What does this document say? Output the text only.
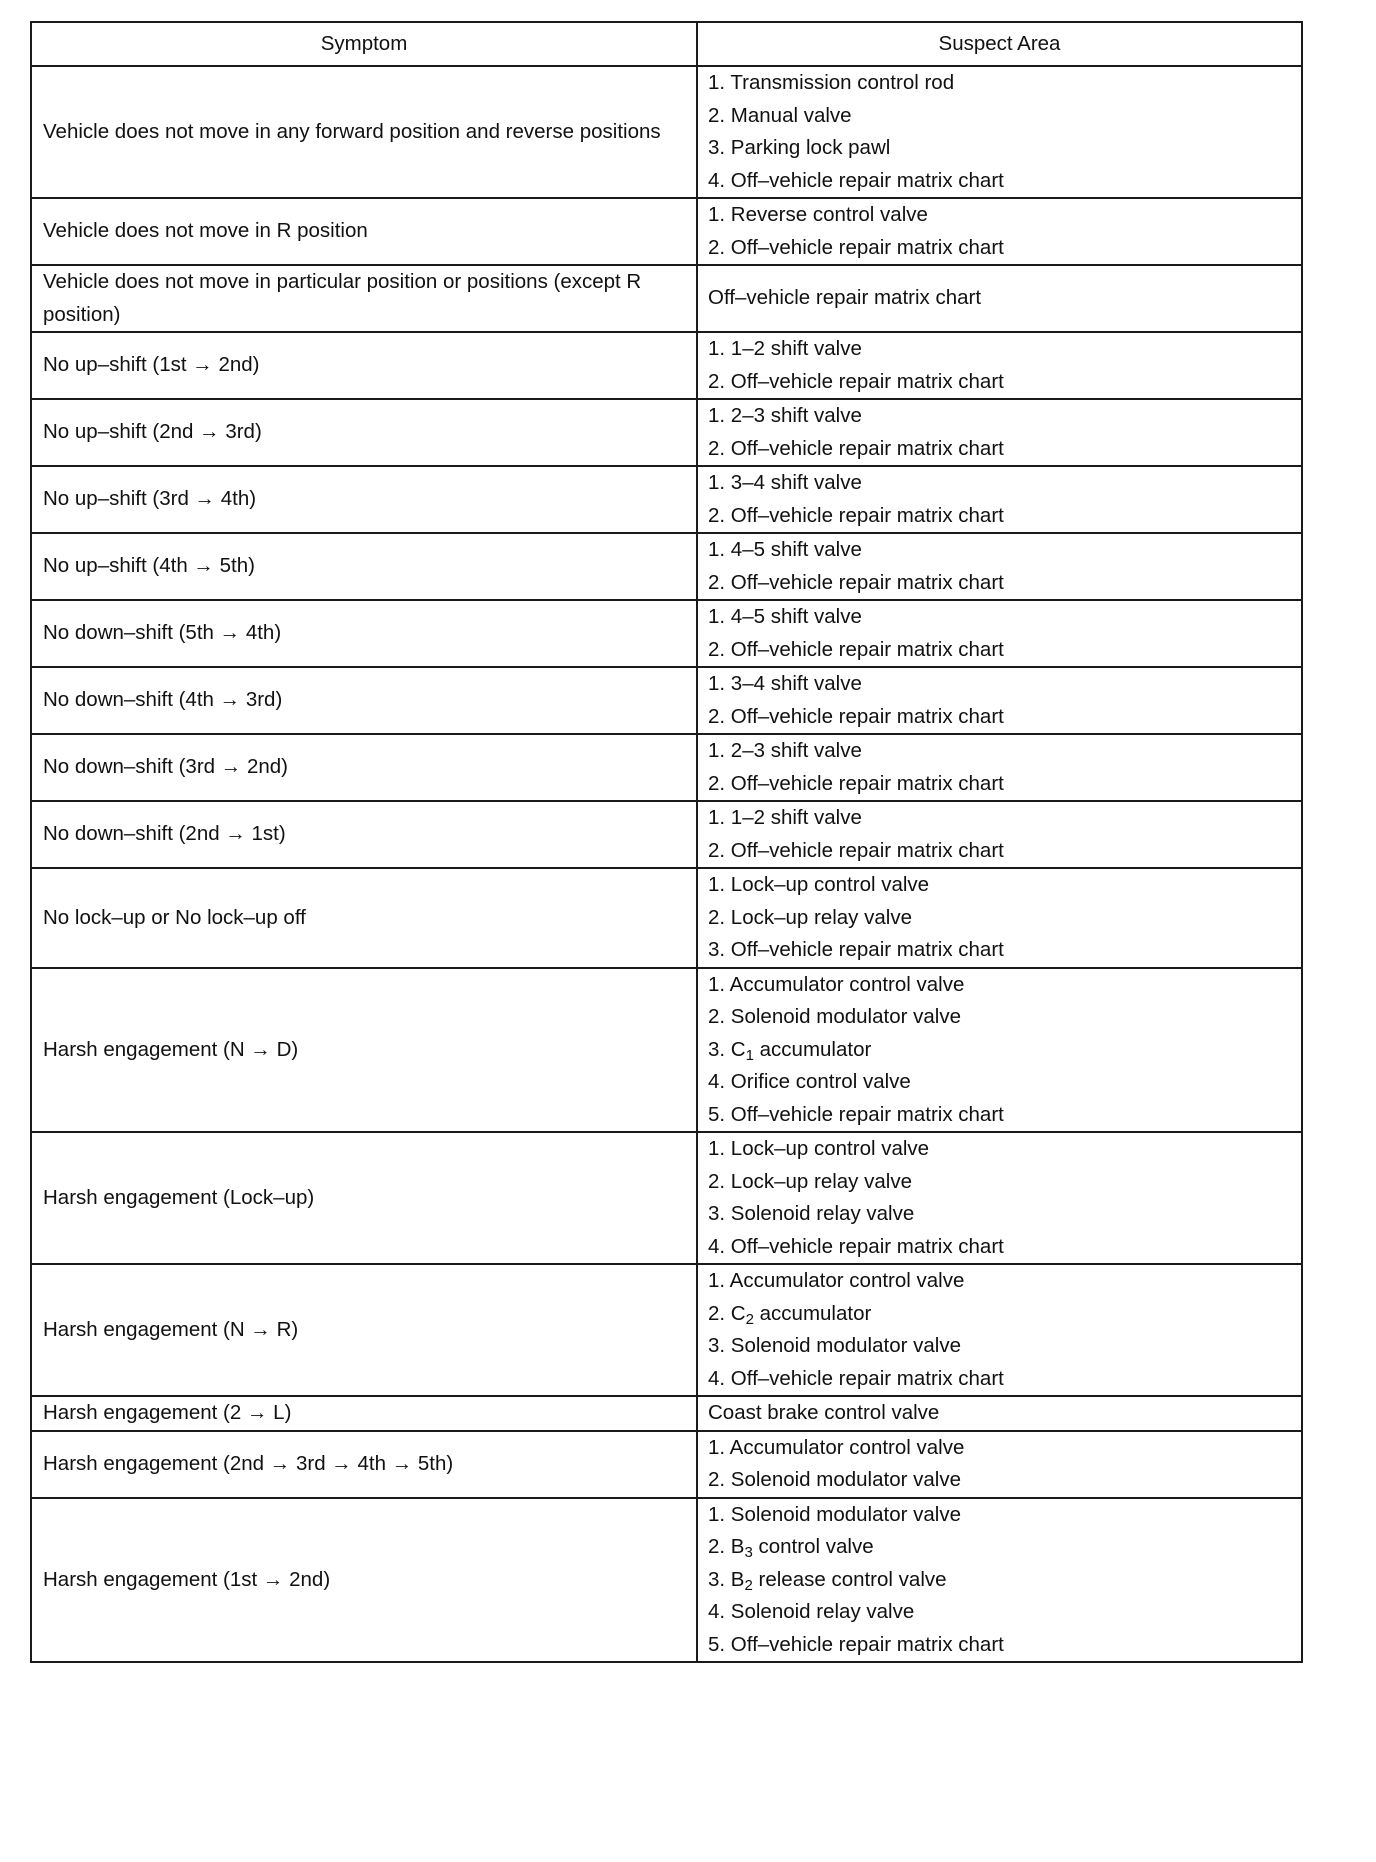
Symptom	Suspect Area
Vehicle does not move in any forward position and reverse positions	1. Transmission control rod
2. Manual valve
3. Parking lock pawl
4. Off–vehicle repair matrix chart

Vehicle does not move in R position	1. Reverse control valve
2. Off–vehicle repair matrix chart

Vehicle does not move in particular position or positions (except R position)	Off–vehicle repair matrix chart

No up–shift (1st → 2nd)	1. 1–2 shift valve
2. Off–vehicle repair matrix chart

No up–shift (2nd → 3rd)	1. 2–3 shift valve
2. Off–vehicle repair matrix chart

No up–shift (3rd → 4th)	1. 3–4 shift valve
2. Off–vehicle repair matrix chart

No up–shift (4th → 5th)	1. 4–5 shift valve
2. Off–vehicle repair matrix chart

No down–shift (5th → 4th)	1. 4–5 shift valve
2. Off–vehicle repair matrix chart

No down–shift (4th → 3rd)	1. 3–4 shift valve
2. Off–vehicle repair matrix chart

No down–shift (3rd → 2nd)	1. 2–3 shift valve
2. Off–vehicle repair matrix chart

No down–shift (2nd → 1st)	1. 1–2 shift valve
2. Off–vehicle repair matrix chart

No lock–up or No lock–up off	1. Lock–up control valve
2. Lock–up relay valve
3. Off–vehicle repair matrix chart

Harsh engagement (N → D)	1. Accumulator control valve
2. Solenoid modulator valve
3. $C_1$ accumulator
4. Orifice control valve
5. Off–vehicle repair matrix chart

Harsh engagement (Lock–up)	1. Lock–up control valve
2. Lock–up relay valve
3. Solenoid relay valve
4. Off–vehicle repair matrix chart

Harsh engagement (N → R)	1. Accumulator control valve
2. $C_2$ accumulator
3. Solenoid modulator valve
4. Off–vehicle repair matrix chart

Harsh engagement (2 → L)	Coast brake control valve

Harsh engagement (2nd → 3rd → 4th → 5th)	1. Accumulator control valve
2. Solenoid modulator valve

Harsh engagement (1st → 2nd)	1. Solenoid modulator valve
2. $B_3$ control valve
3. $B_2$ release control valve
4. Solenoid relay valve
5. Off–vehicle repair matrix chart
